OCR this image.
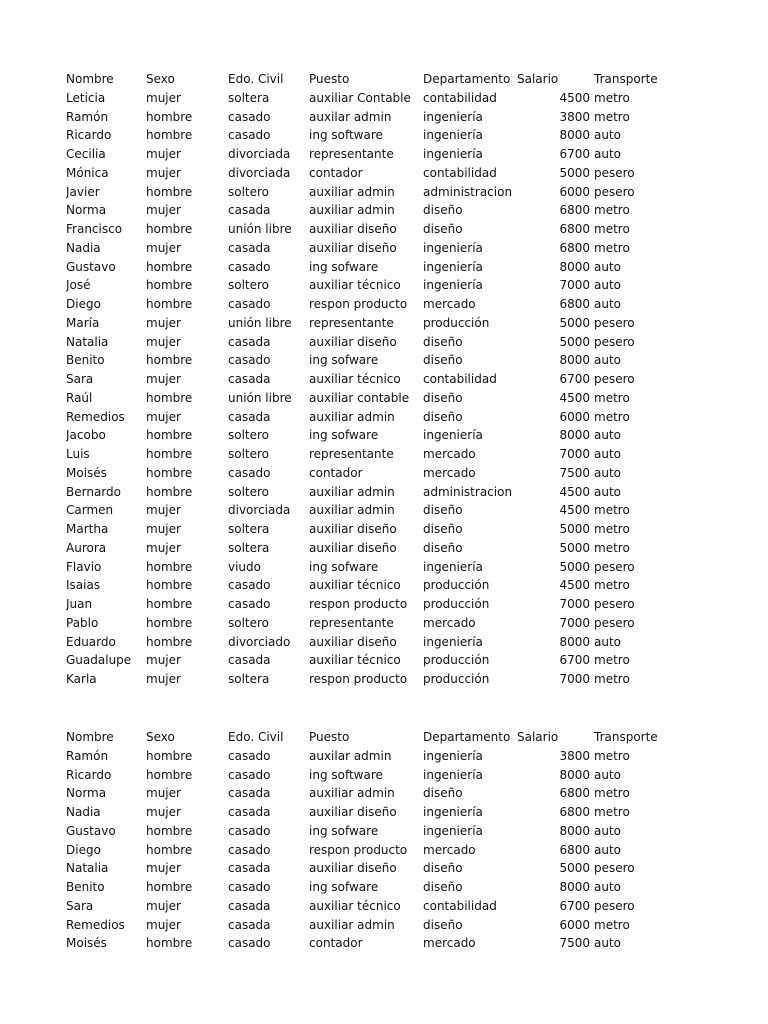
Nombre	Sexo	Edo. Civil	Puesto	Departamento	Salario	Transporte
Leticia	mujer	soltera	auxiliar Contable	contabilidad	4500	metro
Ramón	hombre	casado	auxilar admin	ingeniería	3800	metro
Ricardo	hombre	casado	ing software	ingeniería	8000	auto
Cecilia	mujer	divorciada	representante	ingeniería	6700	auto
Mónica	mujer	divorciada	contador	contabilidad	5000	pesero
Javier	hombre	soltero	auxiliar admin	administracion	6000	pesero
Norma	mujer	casada	auxiliar admin	diseño	6800	metro
Francisco	hombre	unión libre	auxiliar diseño	diseño	6800	metro
Nadia	mujer	casada	auxiliar diseño	ingeniería	6800	metro
Gustavo	hombre	casado	ing sofware	ingeniería	8000	auto
José	hombre	soltero	auxiliar técnico	ingeniería	7000	auto
Diego	hombre	casado	respon producto	mercado	6800	auto
María	mujer	unión libre	representante	producción	5000	pesero
Natalia	mujer	casada	auxiliar diseño	diseño	5000	pesero
Benito	hombre	casado	ing sofware	diseño	8000	auto
Sara	mujer	casada	auxiliar técnico	contabilidad	6700	pesero
Raúl	hombre	unión libre	auxiliar contable	diseño	4500	metro
Remedios	mujer	casada	auxiliar admin	diseño	6000	metro
Jacobo	hombre	soltero	ing sofware	ingeniería	8000	auto
Luis	hombre	soltero	representante	mercado	7000	auto
Moisés	hombre	casado	contador	mercado	7500	auto
Bernardo	hombre	soltero	auxiliar admin	administracion	4500	auto
Carmen	mujer	divorciada	auxiliar admin	diseño	4500	metro
Martha	mujer	soltera	auxiliar diseño	diseño	5000	metro
Aurora	mujer	soltera	auxiliar diseño	diseño	5000	metro
Flavio	hombre	viudo	ing sofware	ingeniería	5000	pesero
Isaias	hombre	casado	auxiliar técnico	producción	4500	metro
Juan	hombre	casado	respon producto	producción	7000	pesero
Pablo	hombre	soltero	representante	mercado	7000	pesero
Eduardo	hombre	divorciado	auxiliar diseño	ingeniería	8000	auto
Guadalupe	mujer	casada	auxiliar técnico	producción	6700	metro
Karla	mujer	soltera	respon producto	producción	7000	metro
Nombre	Sexo	Edo. Civil	Puesto	Departamento	Salario	Transporte
Ramón	hombre	casado	auxilar admin	ingeniería	3800	metro
Ricardo	hombre	casado	ing software	ingeniería	8000	auto
Norma	mujer	casada	auxiliar admin	diseño	6800	metro
Nadia	mujer	casada	auxiliar diseño	ingeniería	6800	metro
Gustavo	hombre	casado	ing sofware	ingeniería	8000	auto
Diego	hombre	casado	respon producto	mercado	6800	auto
Natalia	mujer	casada	auxiliar diseño	diseño	5000	pesero
Benito	hombre	casado	ing sofware	diseño	8000	auto
Sara	mujer	casada	auxiliar técnico	contabilidad	6700	pesero
Remedios	mujer	casada	auxiliar admin	diseño	6000	metro
Moisés	hombre	casado	contador	mercado	7500	auto
